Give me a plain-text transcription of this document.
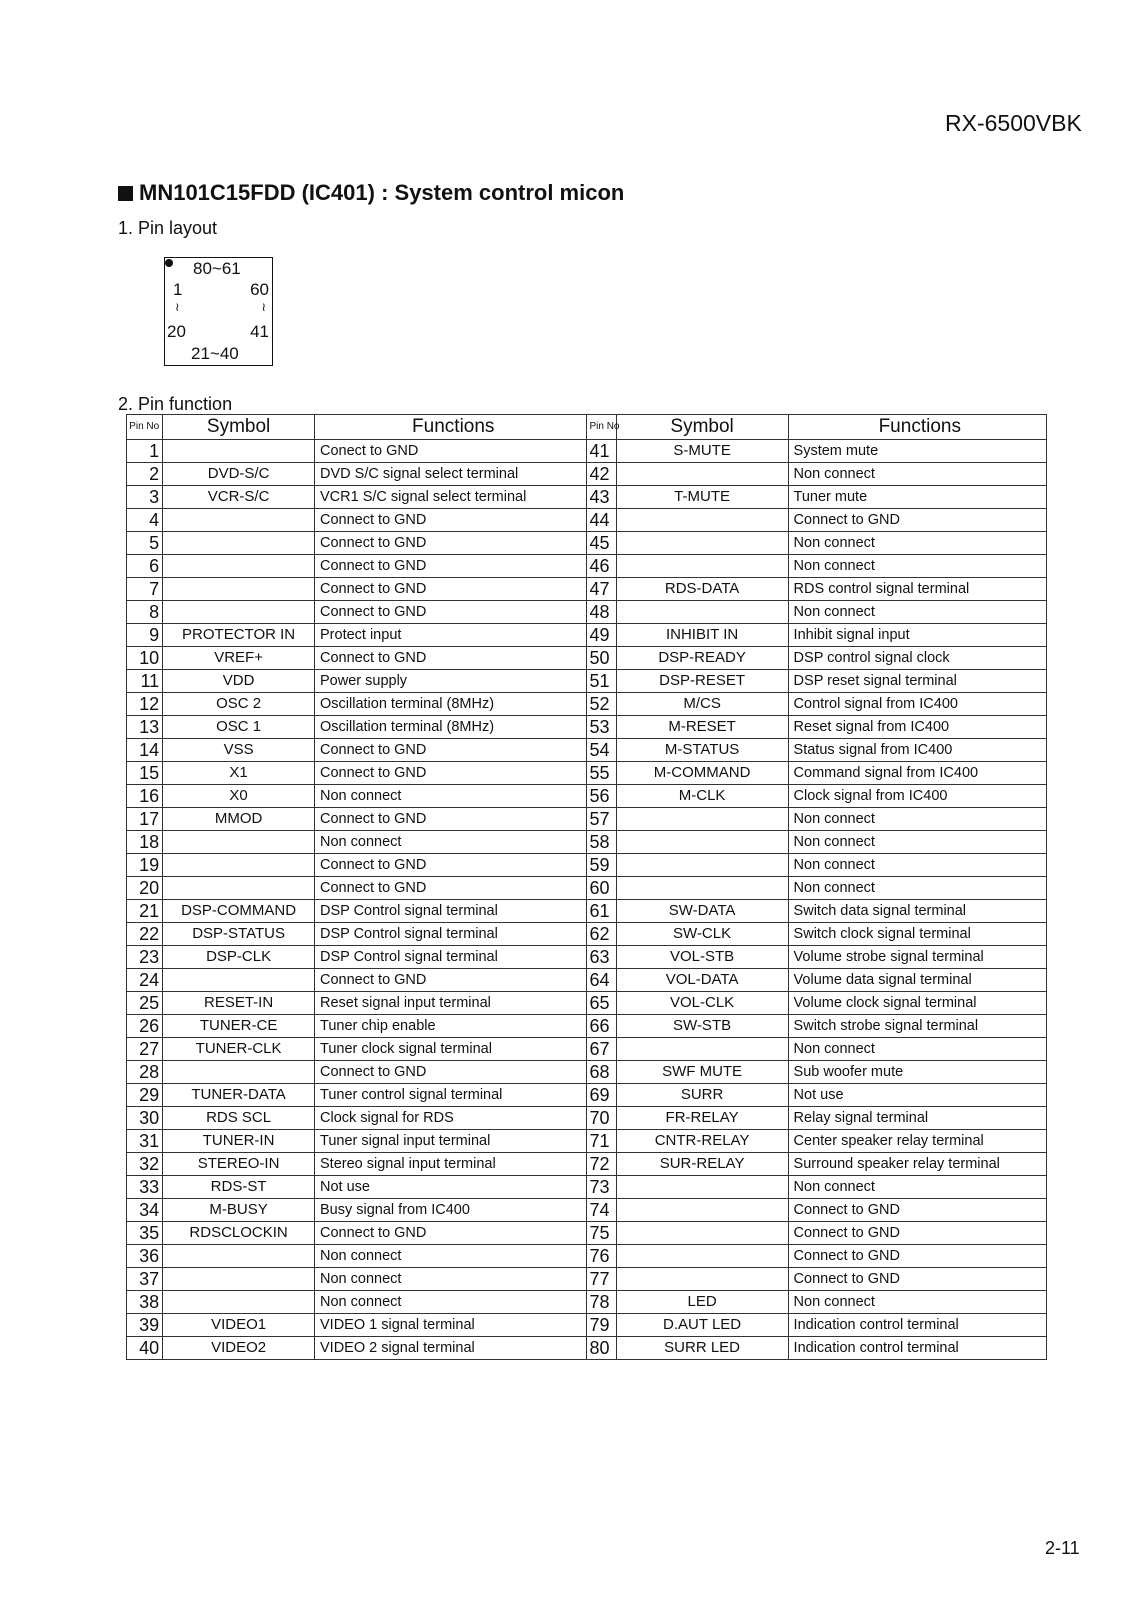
RX-6500VBK
MN101C15FDD (IC401) : System control micon
1. Pin layout
80~61
1	60
≀	≀
20	41
21~40
2. Pin function
Pin No	Symbol	Functions	Pin No	Symbol	Functions
1		Conect to GND	41	S-MUTE	System mute
2	DVD-S/C	DVD S/C signal select terminal	42		Non connect
3	VCR-S/C	VCR1 S/C signal select terminal	43	T-MUTE	Tuner mute
4		Connect to GND	44		Connect to GND
5		Connect to GND	45		Non connect
6		Connect to GND	46		Non connect
7		Connect to GND	47	RDS-DATA	RDS control signal terminal
8		Connect to GND	48		Non connect
9	PROTECTOR IN	Protect input	49	INHIBIT IN	Inhibit signal input
10	VREF+	Connect to GND	50	DSP-READY	DSP control signal clock
11	VDD	Power supply	51	DSP-RESET	DSP reset signal terminal
12	OSC 2	Oscillation terminal (8MHz)	52	M/CS	Control signal from IC400
13	OSC 1	Oscillation terminal (8MHz)	53	M-RESET	Reset signal from IC400
14	VSS	Connect to GND	54	M-STATUS	Status signal from IC400
15	X1	Connect to GND	55	M-COMMAND	Command signal from IC400
16	X0	Non connect	56	M-CLK	Clock signal from IC400
17	MMOD	Connect to GND	57		Non connect
18		Non connect	58		Non connect
19		Connect to GND	59		Non connect
20		Connect to GND	60		Non connect
21	DSP-COMMAND	DSP Control signal terminal	61	SW-DATA	Switch data signal terminal
22	DSP-STATUS	DSP Control signal terminal	62	SW-CLK	Switch clock signal terminal
23	DSP-CLK	DSP Control signal terminal	63	VOL-STB	Volume strobe signal terminal
24		Connect to GND	64	VOL-DATA	Volume data signal terminal
25	RESET-IN	Reset signal input terminal	65	VOL-CLK	Volume clock signal terminal
26	TUNER-CE	Tuner chip enable	66	SW-STB	Switch strobe signal terminal
27	TUNER-CLK	Tuner clock signal terminal	67		Non connect
28		Connect to GND	68	SWF MUTE	Sub woofer mute
29	TUNER-DATA	Tuner control signal terminal	69	SURR	Not use
30	RDS SCL	Clock signal for RDS	70	FR-RELAY	Relay signal terminal
31	TUNER-IN	Tuner signal input terminal	71	CNTR-RELAY	Center speaker relay terminal
32	STEREO-IN	Stereo signal input terminal	72	SUR-RELAY	Surround speaker relay terminal
33	RDS-ST	Not use	73		Non connect
34	M-BUSY	Busy signal from IC400	74		Connect to GND
35	RDSCLOCKIN	Connect to GND	75		Connect to GND
36		Non connect	76		Connect to GND
37		Non connect	77		Connect to GND
38		Non connect	78	LED	Non connect
39	VIDEO1	VIDEO 1 signal terminal	79	D.AUT LED	Indication control terminal
40	VIDEO2	VIDEO 2 signal terminal	80	SURR LED	Indication control terminal
2-11
